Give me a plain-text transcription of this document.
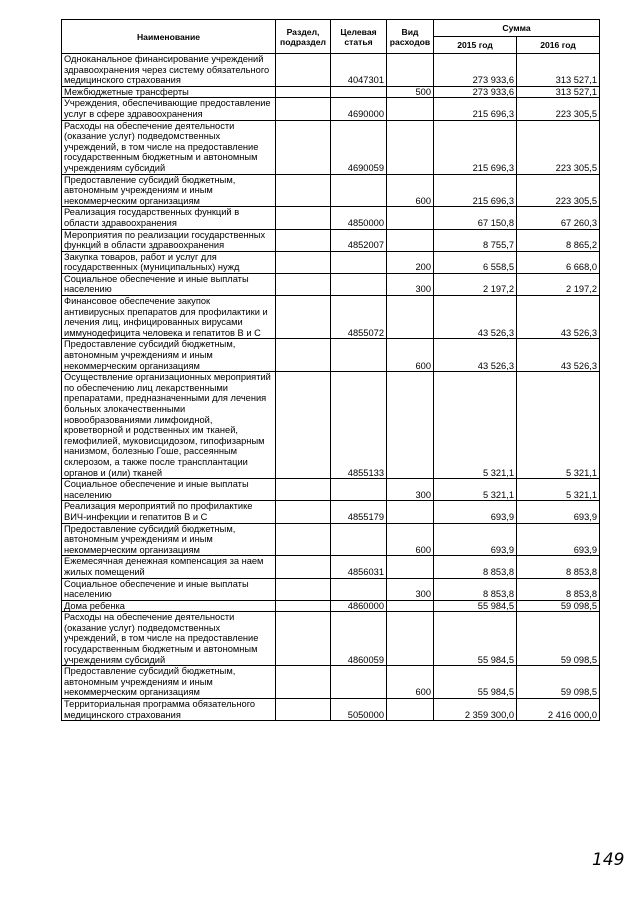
Наименование	Раздел, подраздел	Целевая статья	Вид расходов	Сумма	
				2015 год	2016 год
Одноканальное финансирование учреждений здравоохранения через систему обязательного медицинского страхования		4047301		273 933,6	313 527,1
Межбюджетные трансферты			500	273 933,6	313 527,1
Учреждения, обеспечивающие предоставление услуг в сфере здравоохранения		4690000		215 696,3	223 305,5
Расходы на обеспечение деятельности (оказание услуг) подведомственных учреждений, в том числе на предоставление государственным бюджетным и автономным учреждениям субсидий		4690059		215 696,3	223 305,5
Предоставление субсидий бюджетным, автономным учреждениям и иным некоммерческим организациям			600	215 696,3	223 305,5
Реализация государственных функций в области здравоохранения		4850000		67 150,8	67 260,3
Мероприятия по реализации государственных функций в области здравоохранения		4852007		8 755,7	8 865,2
Закупка товаров, работ и услуг для государственных (муниципальных) нужд			200	6 558,5	6 668,0
Социальное обеспечение и иные выплаты населению			300	2 197,2	2 197,2
Финансовое обеспечение закупок антивирусных препаратов для профилактики и лечения лиц, инфицированных вирусами иммунодефицита человека и гепатитов В и С		4855072		43 526,3	43 526,3
Предоставление субсидий бюджетным, автономным учреждениям и иным некоммерческим организациям			600	43 526,3	43 526,3
Осуществление организационных мероприятий по обеспечению лиц лекарственными препаратами, предназначенными для лечения больных злокачественными новообразованиями лимфоидной, кроветворной и родственных им тканей, гемофилией, муковисцидозом, гипофизарным нанизмом, болезнью Гоше, рассеянным склерозом, а также после трансплантации органов и (или) тканей		4855133		5 321,1	5 321,1
Социальное обеспечение и иные выплаты населению			300	5 321,1	5 321,1
Реализация мероприятий по профилактике ВИЧ-инфекции и гепатитов В и С		4855179		693,9	693,9
Предоставление субсидий бюджетным, автономным учреждениям и иным некоммерческим организациям			600	693,9	693,9
Ежемесячная денежная компенсация за наем жилых помещений		4856031		8 853,8	8 853,8
Социальное обеспечение и иные выплаты населению			300	8 853,8	8 853,8
Дома ребенка		4860000		55 984,5	59 098,5
Расходы на обеспечение деятельности (оказание услуг) подведомственных учреждений, в том числе на предоставление государственным бюджетным и автономным учреждениям субсидий		4860059		55 984,5	59 098,5
Предоставление субсидий бюджетным, автономным учреждениям и иным некоммерческим организациям			600	55 984,5	59 098,5
Территориальная программа обязательного медицинского страхования		5050000		2 359 300,0	2 416 000,0
149
